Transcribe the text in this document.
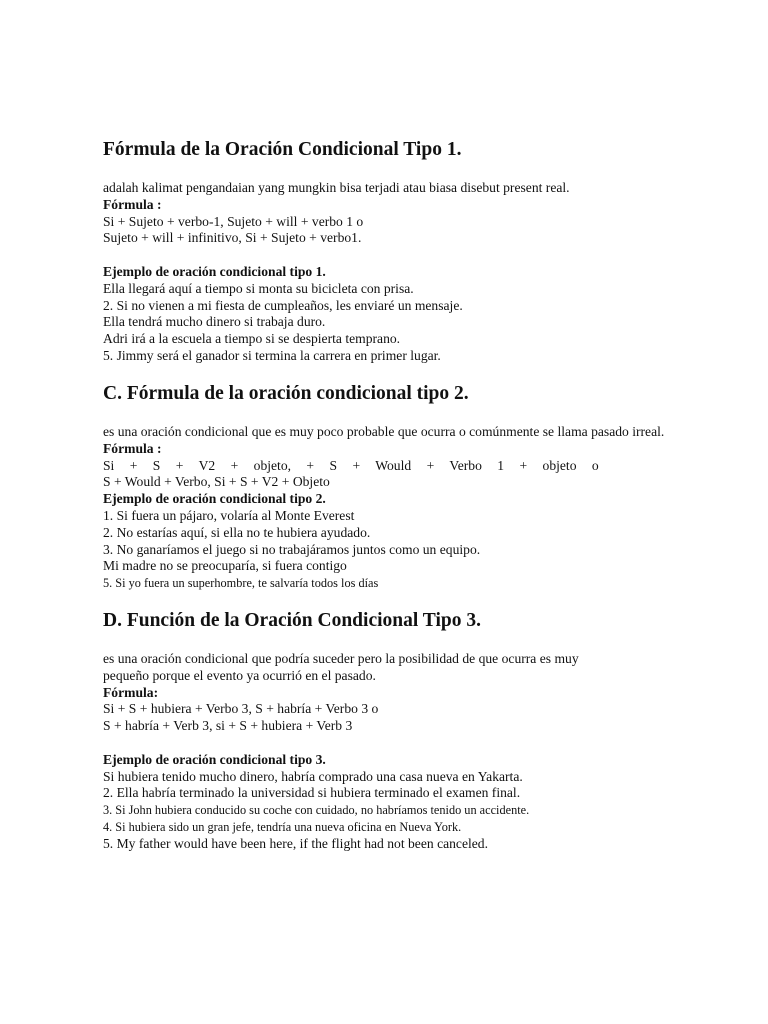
Fórmula de la Oración Condicional Tipo 1.
adalah kalimat pengandaian yang mungkin bisa terjadi atau biasa disebut present real.
Fórmula :
Si + Sujeto + verbo-1, Sujeto + will + verbo 1 o
Sujeto + will + infinitivo, Si + Sujeto + verbo1.
Ejemplo de oración condicional tipo 1.
Ella llegará aquí a tiempo si monta su bicicleta con prisa.
2. Si no vienen a mi fiesta de cumpleaños, les enviaré un mensaje.
Ella tendrá mucho dinero si trabaja duro.
Adri irá a la escuela a tiempo si se despierta temprano.
5. Jimmy será el ganador si termina la carrera en primer lugar.
C. Fórmula de la oración condicional tipo 2.
es una oración condicional que es muy poco probable que ocurra o comúnmente se llama pasado irreal.
Fórmula :
Si + S + V2 + objeto, + S + Would + Verbo 1 + objeto o
S + Would + Verbo, Si + S + V2 + Objeto
Ejemplo de oración condicional tipo 2.
1. Si fuera un pájaro, volaría al Monte Everest
2. No estarías aquí, si ella no te hubiera ayudado.
3. No ganaríamos el juego si no trabajáramos juntos como un equipo.
Mi madre no se preocuparía, si fuera contigo
5. Si yo fuera un superhombre, te salvaría todos los días
D. Función de la Oración Condicional Tipo 3.
es una oración condicional que podría suceder pero la posibilidad de que ocurra es muy
pequeño porque el evento ya ocurrió en el pasado.
Fórmula:
Si + S + hubiera + Verbo 3, S + habría + Verbo 3 o
S + habría + Verb 3, si + S + hubiera + Verb 3
Ejemplo de oración condicional tipo 3.
Si hubiera tenido mucho dinero, habría comprado una casa nueva en Yakarta.
2. Ella habría terminado la universidad si hubiera terminado el examen final.
3. Si John hubiera conducido su coche con cuidado, no habríamos tenido un accidente.
4. Si hubiera sido un gran jefe, tendría una nueva oficina en Nueva York.
5. My father would have been here, if the flight had not been canceled.
